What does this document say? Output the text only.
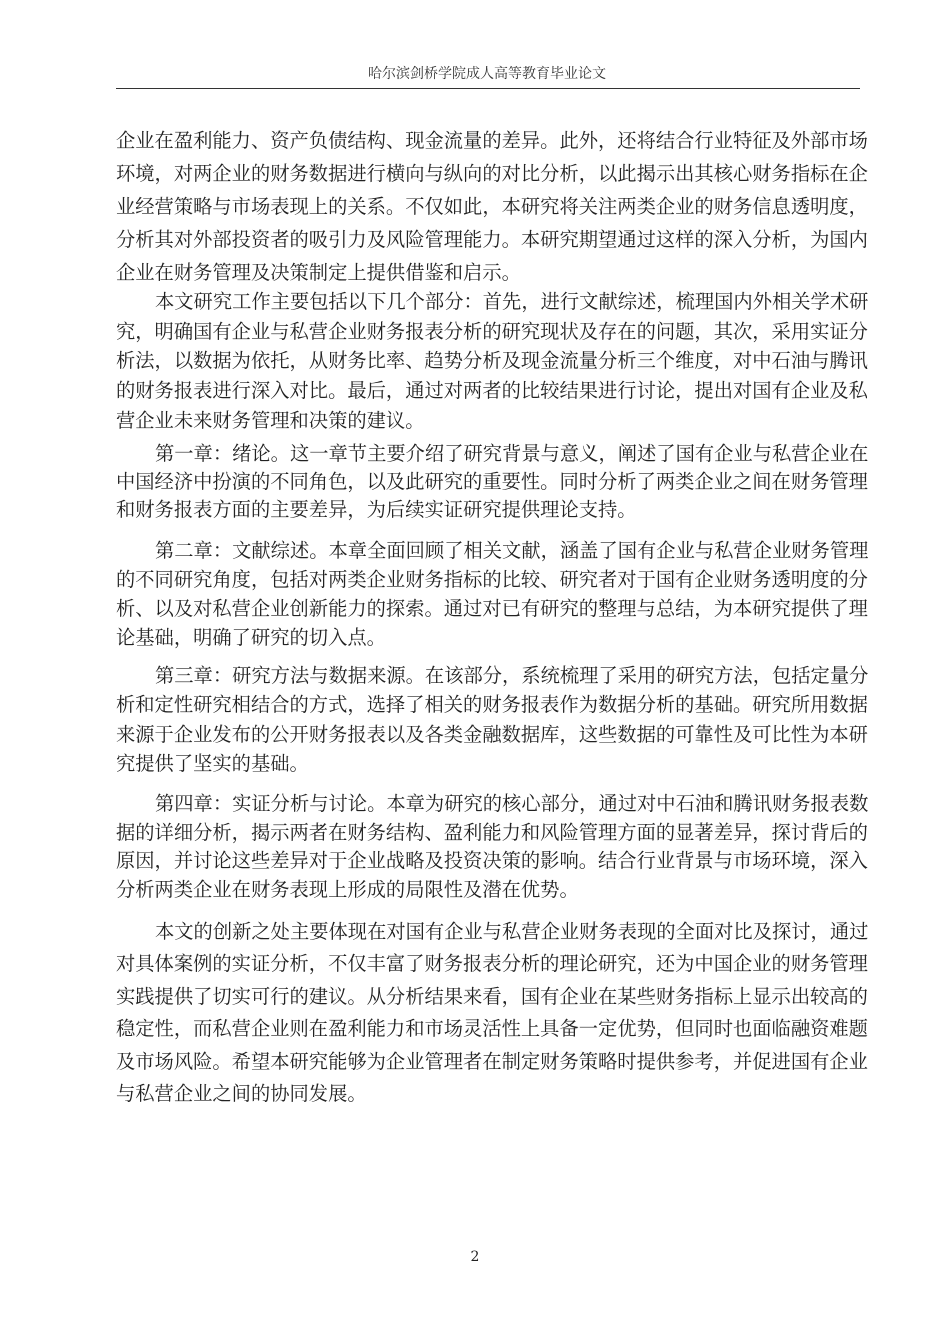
哈尔滨剑桥学院成人高等教育毕业论文
企业在盈利能力、资产负债结构、现金流量的差异。此外，还将结合行业特征及外部市场
环境，对两企业的财务数据进行横向与纵向的对比分析，以此揭示出其核心财务指标在企
业经营策略与市场表现上的关系。不仅如此，本研究将关注两类企业的财务信息透明度，
分析其对外部投资者的吸引力及风险管理能力。本研究期望通过这样的深入分析，为国内
企业在财务管理及决策制定上提供借鉴和启示。
本文研究工作主要包括以下几个部分：首先，进行文献综述，梳理国内外相关学术研
究，明确国有企业与私营企业财务报表分析的研究现状及存在的问题，其次，采用实证分
析法，以数据为依托，从财务比率、趋势分析及现金流量分析三个维度，对中石油与腾讯
的财务报表进行深入对比。最后，通过对两者的比较结果进行讨论，提出对国有企业及私
营企业未来财务管理和决策的建议。
第一章：绪论。这一章节主要介绍了研究背景与意义，阐述了国有企业与私营企业在
中国经济中扮演的不同角色，以及此研究的重要性。同时分析了两类企业之间在财务管理
和财务报表方面的主要差异，为后续实证研究提供理论支持。
第二章：文献综述。本章全面回顾了相关文献，涵盖了国有企业与私营企业财务管理
的不同研究角度，包括对两类企业财务指标的比较、研究者对于国有企业财务透明度的分
析、以及对私营企业创新能力的探索。通过对已有研究的整理与总结，为本研究提供了理
论基础，明确了研究的切入点。
第三章：研究方法与数据来源。在该部分，系统梳理了采用的研究方法，包括定量分
析和定性研究相结合的方式，选择了相关的财务报表作为数据分析的基础。研究所用数据
来源于企业发布的公开财务报表以及各类金融数据库，这些数据的可靠性及可比性为本研
究提供了坚实的基础。
第四章：实证分析与讨论。本章为研究的核心部分，通过对中石油和腾讯财务报表数
据的详细分析，揭示两者在财务结构、盈利能力和风险管理方面的显著差异，探讨背后的
原因，并讨论这些差异对于企业战略及投资决策的影响。结合行业背景与市场环境，深入
分析两类企业在财务表现上形成的局限性及潜在优势。
本文的创新之处主要体现在对国有企业与私营企业财务表现的全面对比及探讨，通过
对具体案例的实证分析，不仅丰富了财务报表分析的理论研究，还为中国企业的财务管理
实践提供了切实可行的建议。从分析结果来看，国有企业在某些财务指标上显示出较高的
稳定性，而私营企业则在盈利能力和市场灵活性上具备一定优势，但同时也面临融资难题
及市场风险。希望本研究能够为企业管理者在制定财务策略时提供参考，并促进国有企业
与私营企业之间的协同发展。
2
